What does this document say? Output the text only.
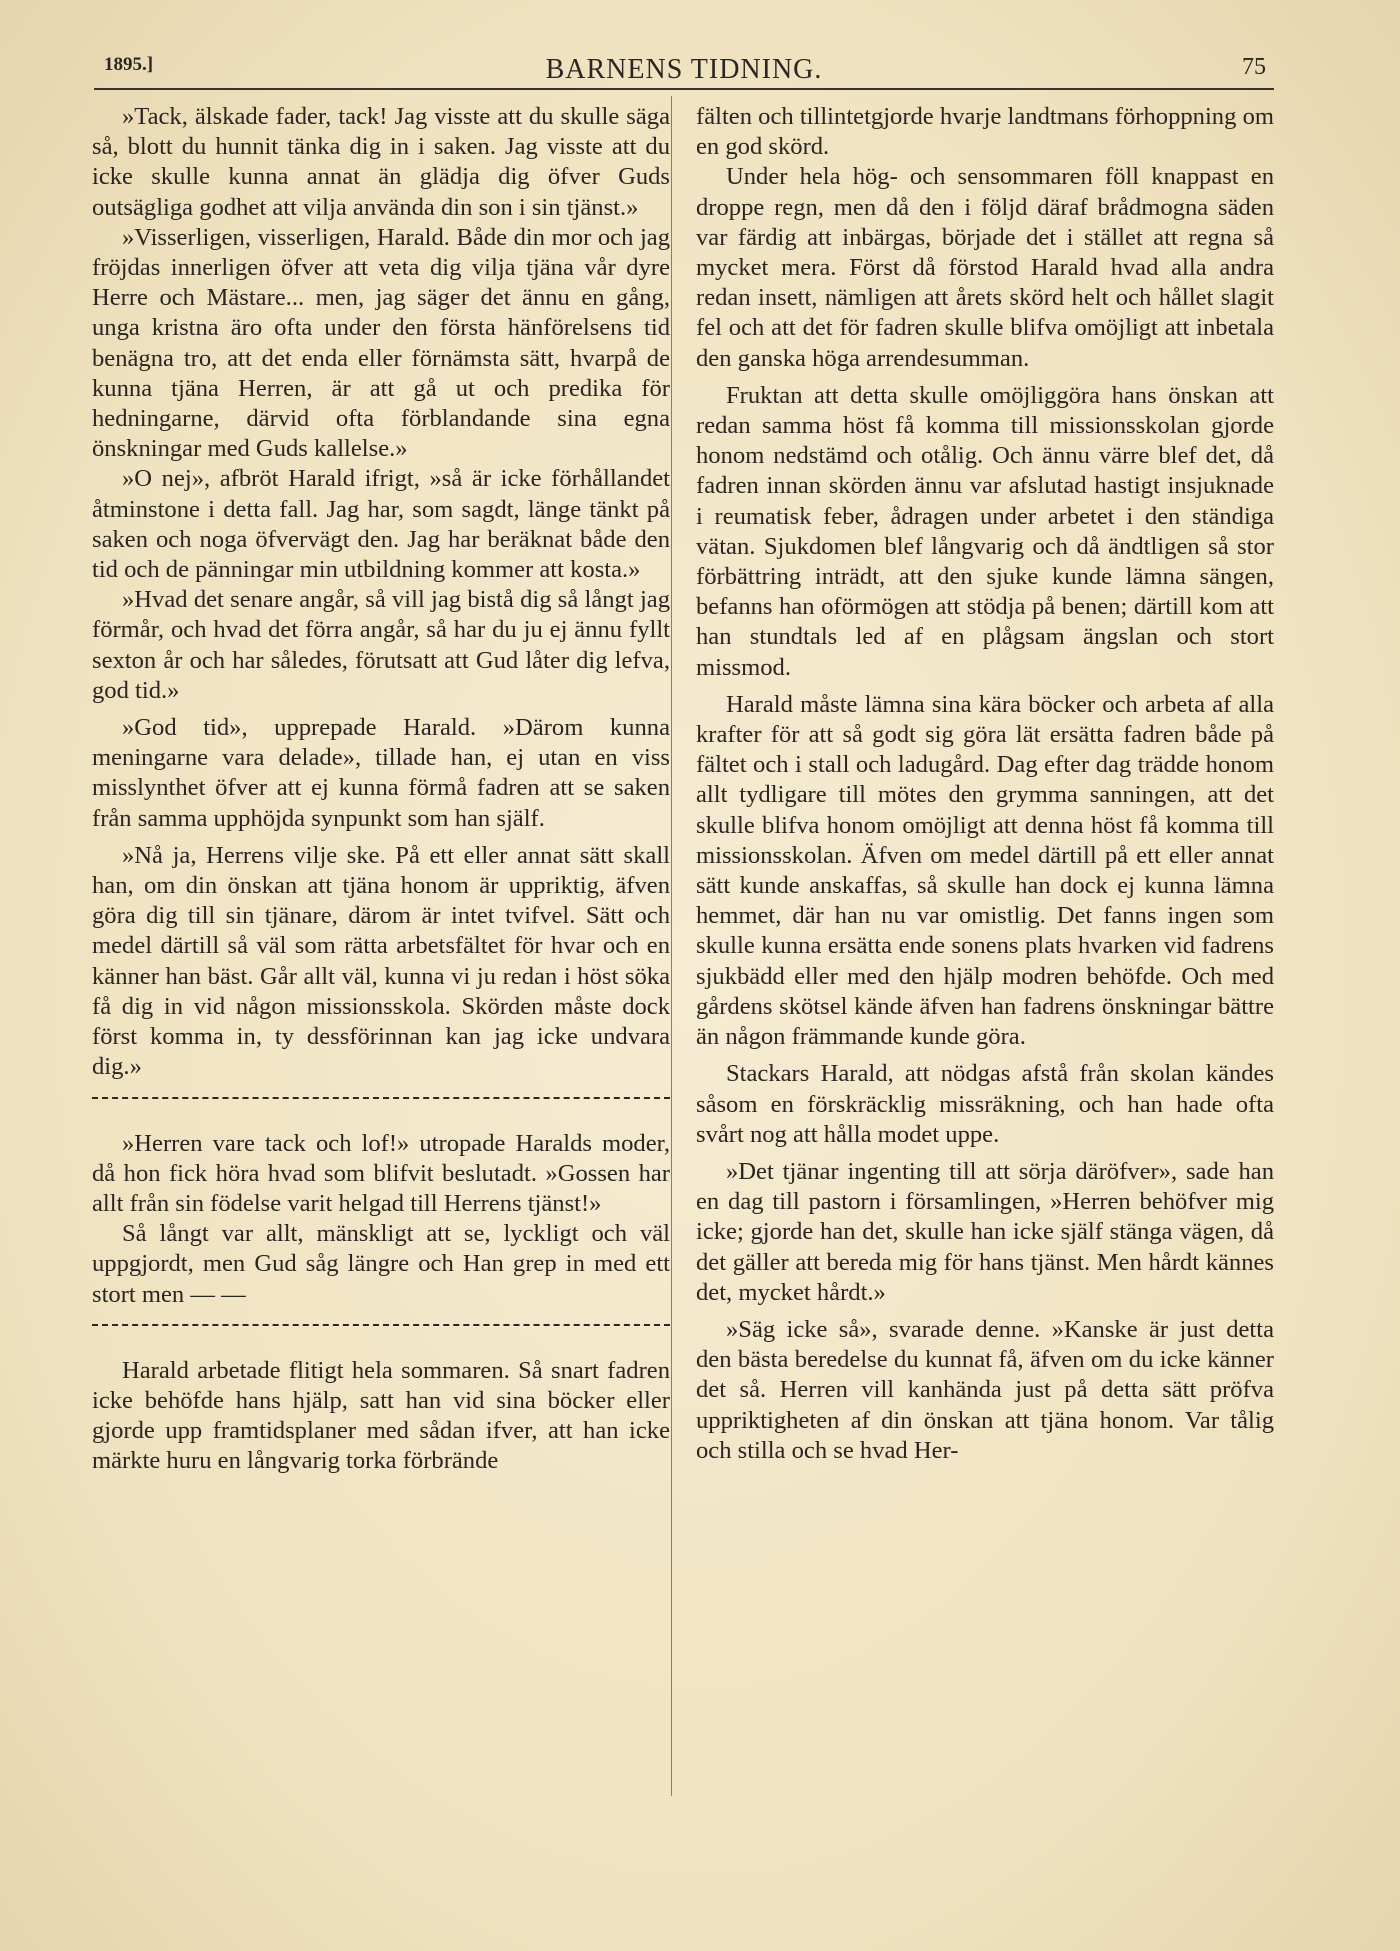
1895.]	BARNENS TIDNING.	75

»Tack, älskade fader, tack! Jag visste att du skulle säga så, blott du hunnit tänka dig in i saken. Jag visste att du icke skulle kunna annat än glädja dig öfver Guds outsägliga godhet att vilja använda din son i sin tjänst.»

»Visserligen, visserligen, Harald. Både din mor och jag fröjdas innerligen öfver att veta dig vilja tjäna vår dyre Herre och Mästare... men, jag säger det ännu en gång, unga kristna äro ofta under den första hänförelsens tid benägna tro, att det enda eller förnämsta sätt, hvarpå de kunna tjäna Herren, är att gå ut och predika för hedningarne, därvid ofta förblandande sina egna önskningar med Guds kallelse.»

»O nej», afbröt Harald ifrigt, »så är icke förhållandet åtminstone i detta fall. Jag har, som sagdt, länge tänkt på saken och noga öfvervägt den. Jag har beräknat både den tid och de pänningar min utbildning kommer att kosta.»

»Hvad det senare angår, så vill jag bistå dig så långt jag förmår, och hvad det förra angår, så har du ju ej ännu fyllt sexton år och har således, förutsatt att Gud låter dig lefva, god tid.»

»God tid», upprepade Harald. »Därom kunna meningarne vara delade», tillade han, ej utan en viss misslynthet öfver att ej kunna förmå fadren att se saken från samma upphöjda synpunkt som han själf.

»Nå ja, Herrens vilje ske. På ett eller annat sätt skall han, om din önskan att tjäna honom är uppriktig, äfven göra dig till sin tjänare, därom är intet tvifvel. Sätt och medel därtill så väl som rätta arbetsfältet för hvar och en känner han bäst. Går allt väl, kunna vi ju redan i höst söka få dig in vid någon missionsskola. Skörden måste dock först komma in, ty dessförinnan kan jag icke undvara dig.»

»Herren vare tack och lof!» utropade Haralds moder, då hon fick höra hvad som blifvit beslutadt. »Gossen har allt från sin födelse varit helgad till Herrens tjänst!»

Så långt var allt, mänskligt att se, lyckligt och väl uppgjordt, men Gud såg längre och Han grep in med ett stort men — —

Harald arbetade flitigt hela sommaren. Så snart fadren icke behöfde hans hjälp, satt han vid sina böcker eller gjorde upp framtidsplaner med sådan ifver, att han icke märkte huru en långvarig torka förbrände

fälten och tillintetgjorde hvarje landtmans förhoppning om en god skörd.

Under hela hög- och sensommaren föll knappast en droppe regn, men då den i följd däraf brådmogna säden var färdig att inbärgas, började det i stället att regna så mycket mera. Först då förstod Harald hvad alla andra redan insett, nämligen att årets skörd helt och hållet slagit fel och att det för fadren skulle blifva omöjligt att inbetala den ganska höga arrendesumman.

Fruktan att detta skulle omöjliggöra hans önskan att redan samma höst få komma till missionsskolan gjorde honom nedstämd och otålig. Och ännu värre blef det, då fadren innan skörden ännu var afslutad hastigt insjuknade i reumatisk feber, ådragen under arbetet i den ständiga vätan. Sjukdomen blef långvarig och då ändtligen så stor förbättring inträdt, att den sjuke kunde lämna sängen, befanns han oförmögen att stödja på benen; därtill kom att han stundtals led af en plågsam ängslan och stort missmod.

Harald måste lämna sina kära böcker och arbeta af alla krafter för att så godt sig göra lät ersätta fadren både på fältet och i stall och ladugård. Dag efter dag trädde honom allt tydligare till mötes den grymma sanningen, att det skulle blifva honom omöjligt att denna höst få komma till missionsskolan. Äfven om medel därtill på ett eller annat sätt kunde anskaffas, så skulle han dock ej kunna lämna hemmet, där han nu var omistlig. Det fanns ingen som skulle kunna ersätta ende sonens plats hvarken vid fadrens sjukbädd eller med den hjälp modren behöfde. Och med gårdens skötsel kände äfven han fadrens önskningar bättre än någon främmande kunde göra.

Stackars Harald, att nödgas afstå från skolan kändes såsom en förskräcklig missräkning, och han hade ofta svårt nog att hålla modet uppe.

»Det tjänar ingenting till att sörja däröfver», sade han en dag till pastorn i församlingen, »Herren behöfver mig icke; gjorde han det, skulle han icke själf stänga vägen, då det gäller att bereda mig för hans tjänst. Men hårdt kännes det, mycket hårdt.»

»Säg icke så», svarade denne. »Kanske är just detta den bästa beredelse du kunnat få, äfven om du icke känner det så. Herren vill kanhända just på detta sätt pröfva uppriktigheten af din önskan att tjäna honom. Var tålig och stilla och se hvad Her-
